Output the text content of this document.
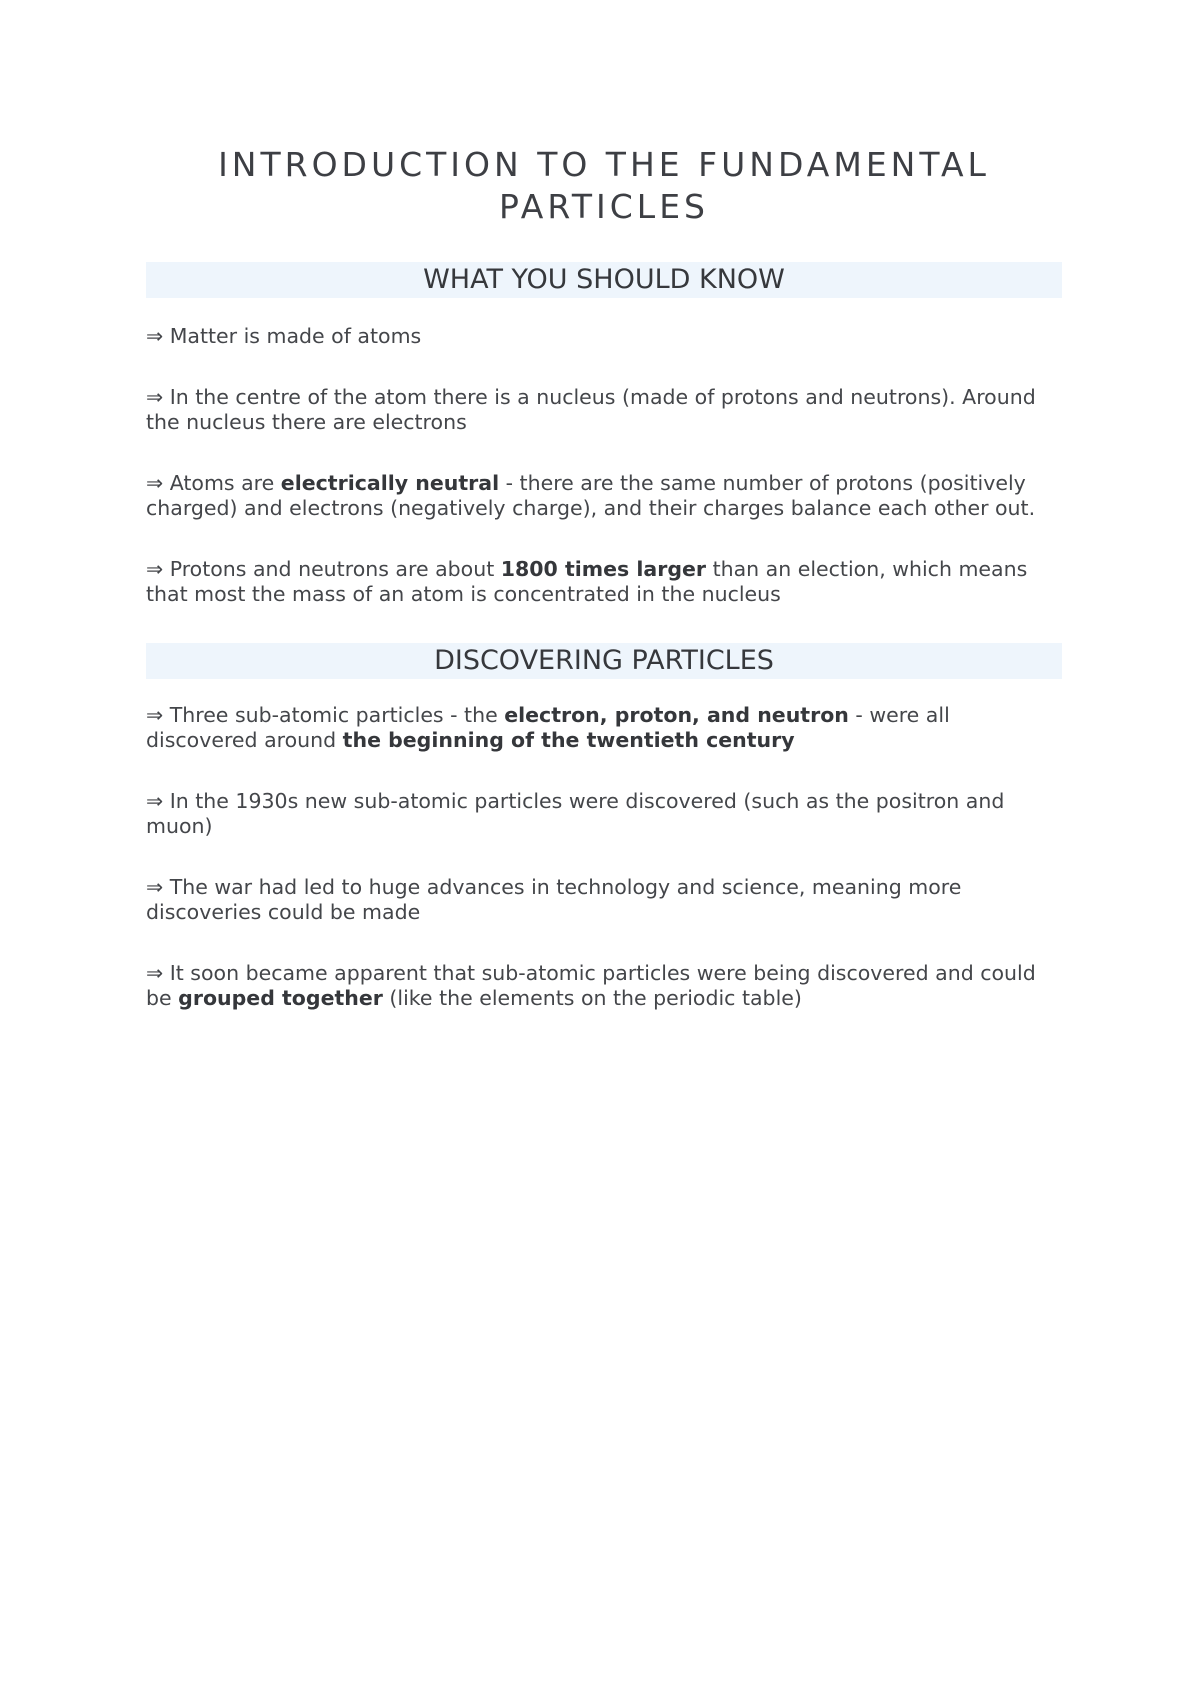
INTRODUCTION TO THE FUNDAMENTAL PARTICLES
WHAT YOU SHOULD KNOW

⇒ Matter is made of atoms

⇒ In the centre of the atom there is a nucleus (made of protons and neutrons). Around the nucleus there are electrons

⇒ Atoms are electrically neutral - there are the same number of protons (positively charged) and electrons (negatively charge), and their charges balance each other out.

⇒ Protons and neutrons are about 1800 times larger than an election, which means that most the mass of an atom is concentrated in the nucleus

DISCOVERING PARTICLES

⇒ Three sub-atomic particles - the electron, proton, and neutron - were all discovered around the beginning of the twentieth century

⇒ In the 1930s new sub-atomic particles were discovered (such as the positron and muon)

⇒ The war had led to huge advances in technology and science, meaning more discoveries could be made

⇒ It soon became apparent that sub-atomic particles were being discovered and could be grouped together (like the elements on the periodic table)
